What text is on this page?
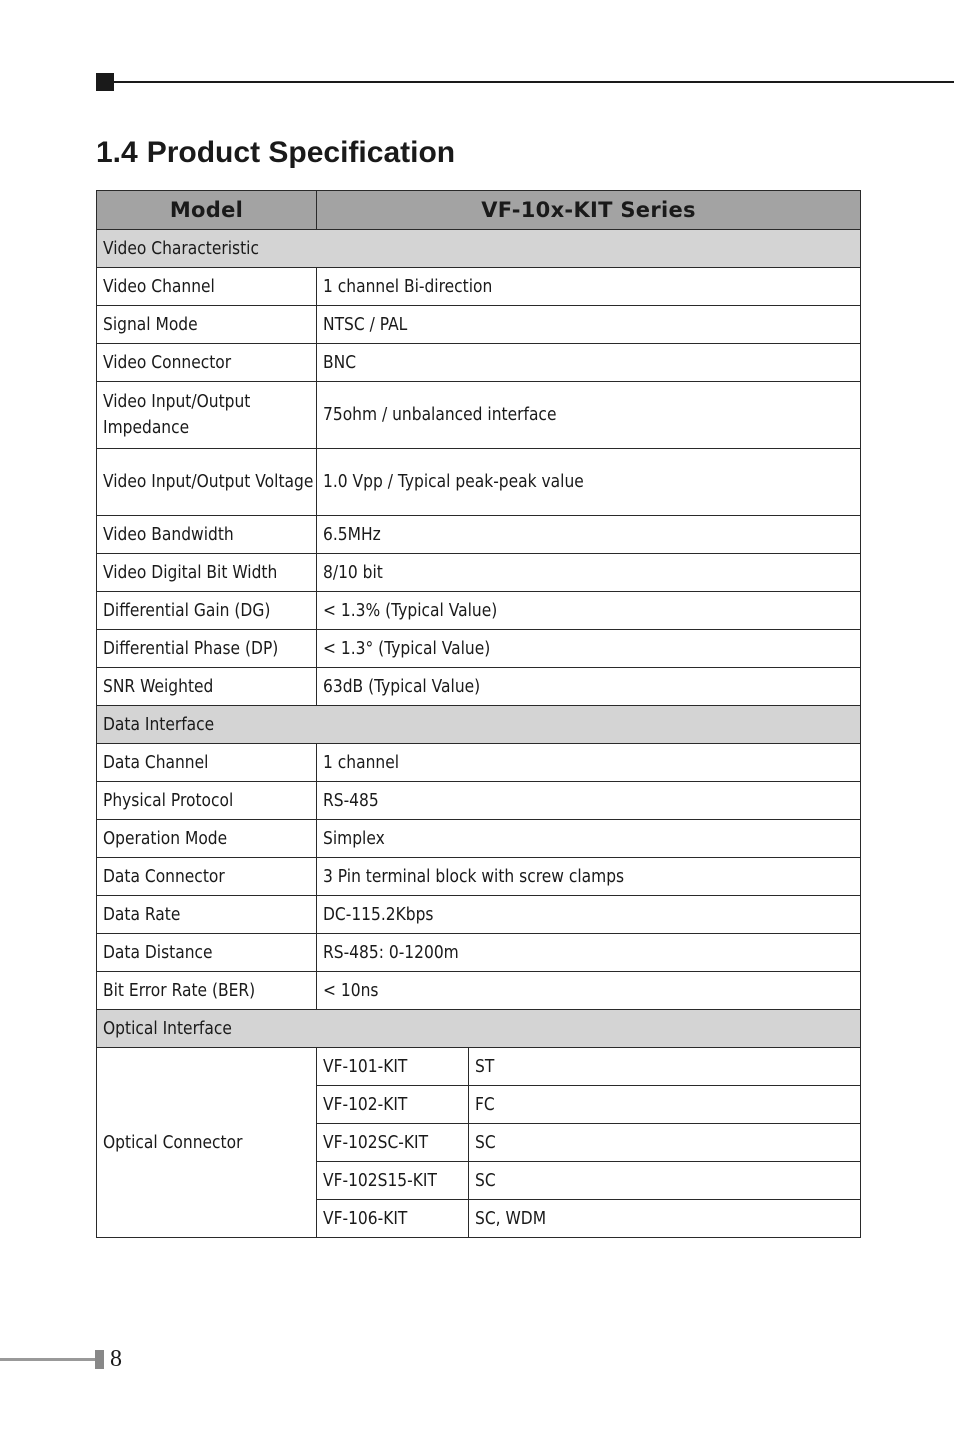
1.4 Product Specification
Model	VF-10x-KIT Series	
Video Characteristic		
Video Channel	1 channel Bi-direction	
Signal Mode	NTSC / PAL	
Video Connector	BNC	
Video Input/Output Impedance	75ohm / unbalanced interface	
Video Input/Output Voltage	1.0 Vpp / Typical peak-peak value	
Video Bandwidth	6.5MHz	
Video Digital Bit Width	8/10 bit	
Differential Gain (DG)	< 1.3% (Typical Value)	
Differential Phase (DP)	< 1.3° (Typical Value)	
SNR Weighted	63dB (Typical Value)	
Data Interface		
Data Channel	1 channel	
Physical Protocol	RS-485	
Operation Mode	Simplex	
Data Connector	3 Pin terminal block with screw clamps	
Data Rate	DC-115.2Kbps	
Data Distance	RS-485: 0-1200m	
Bit Error Rate (BER)	< 10ns	
Optical Interface		
Optical Connector	VF-101-KIT	ST
	VF-102-KIT	FC
	VF-102SC-KIT	SC
	VF-102S15-KIT	SC
	VF-106-KIT	SC, WDM
8
